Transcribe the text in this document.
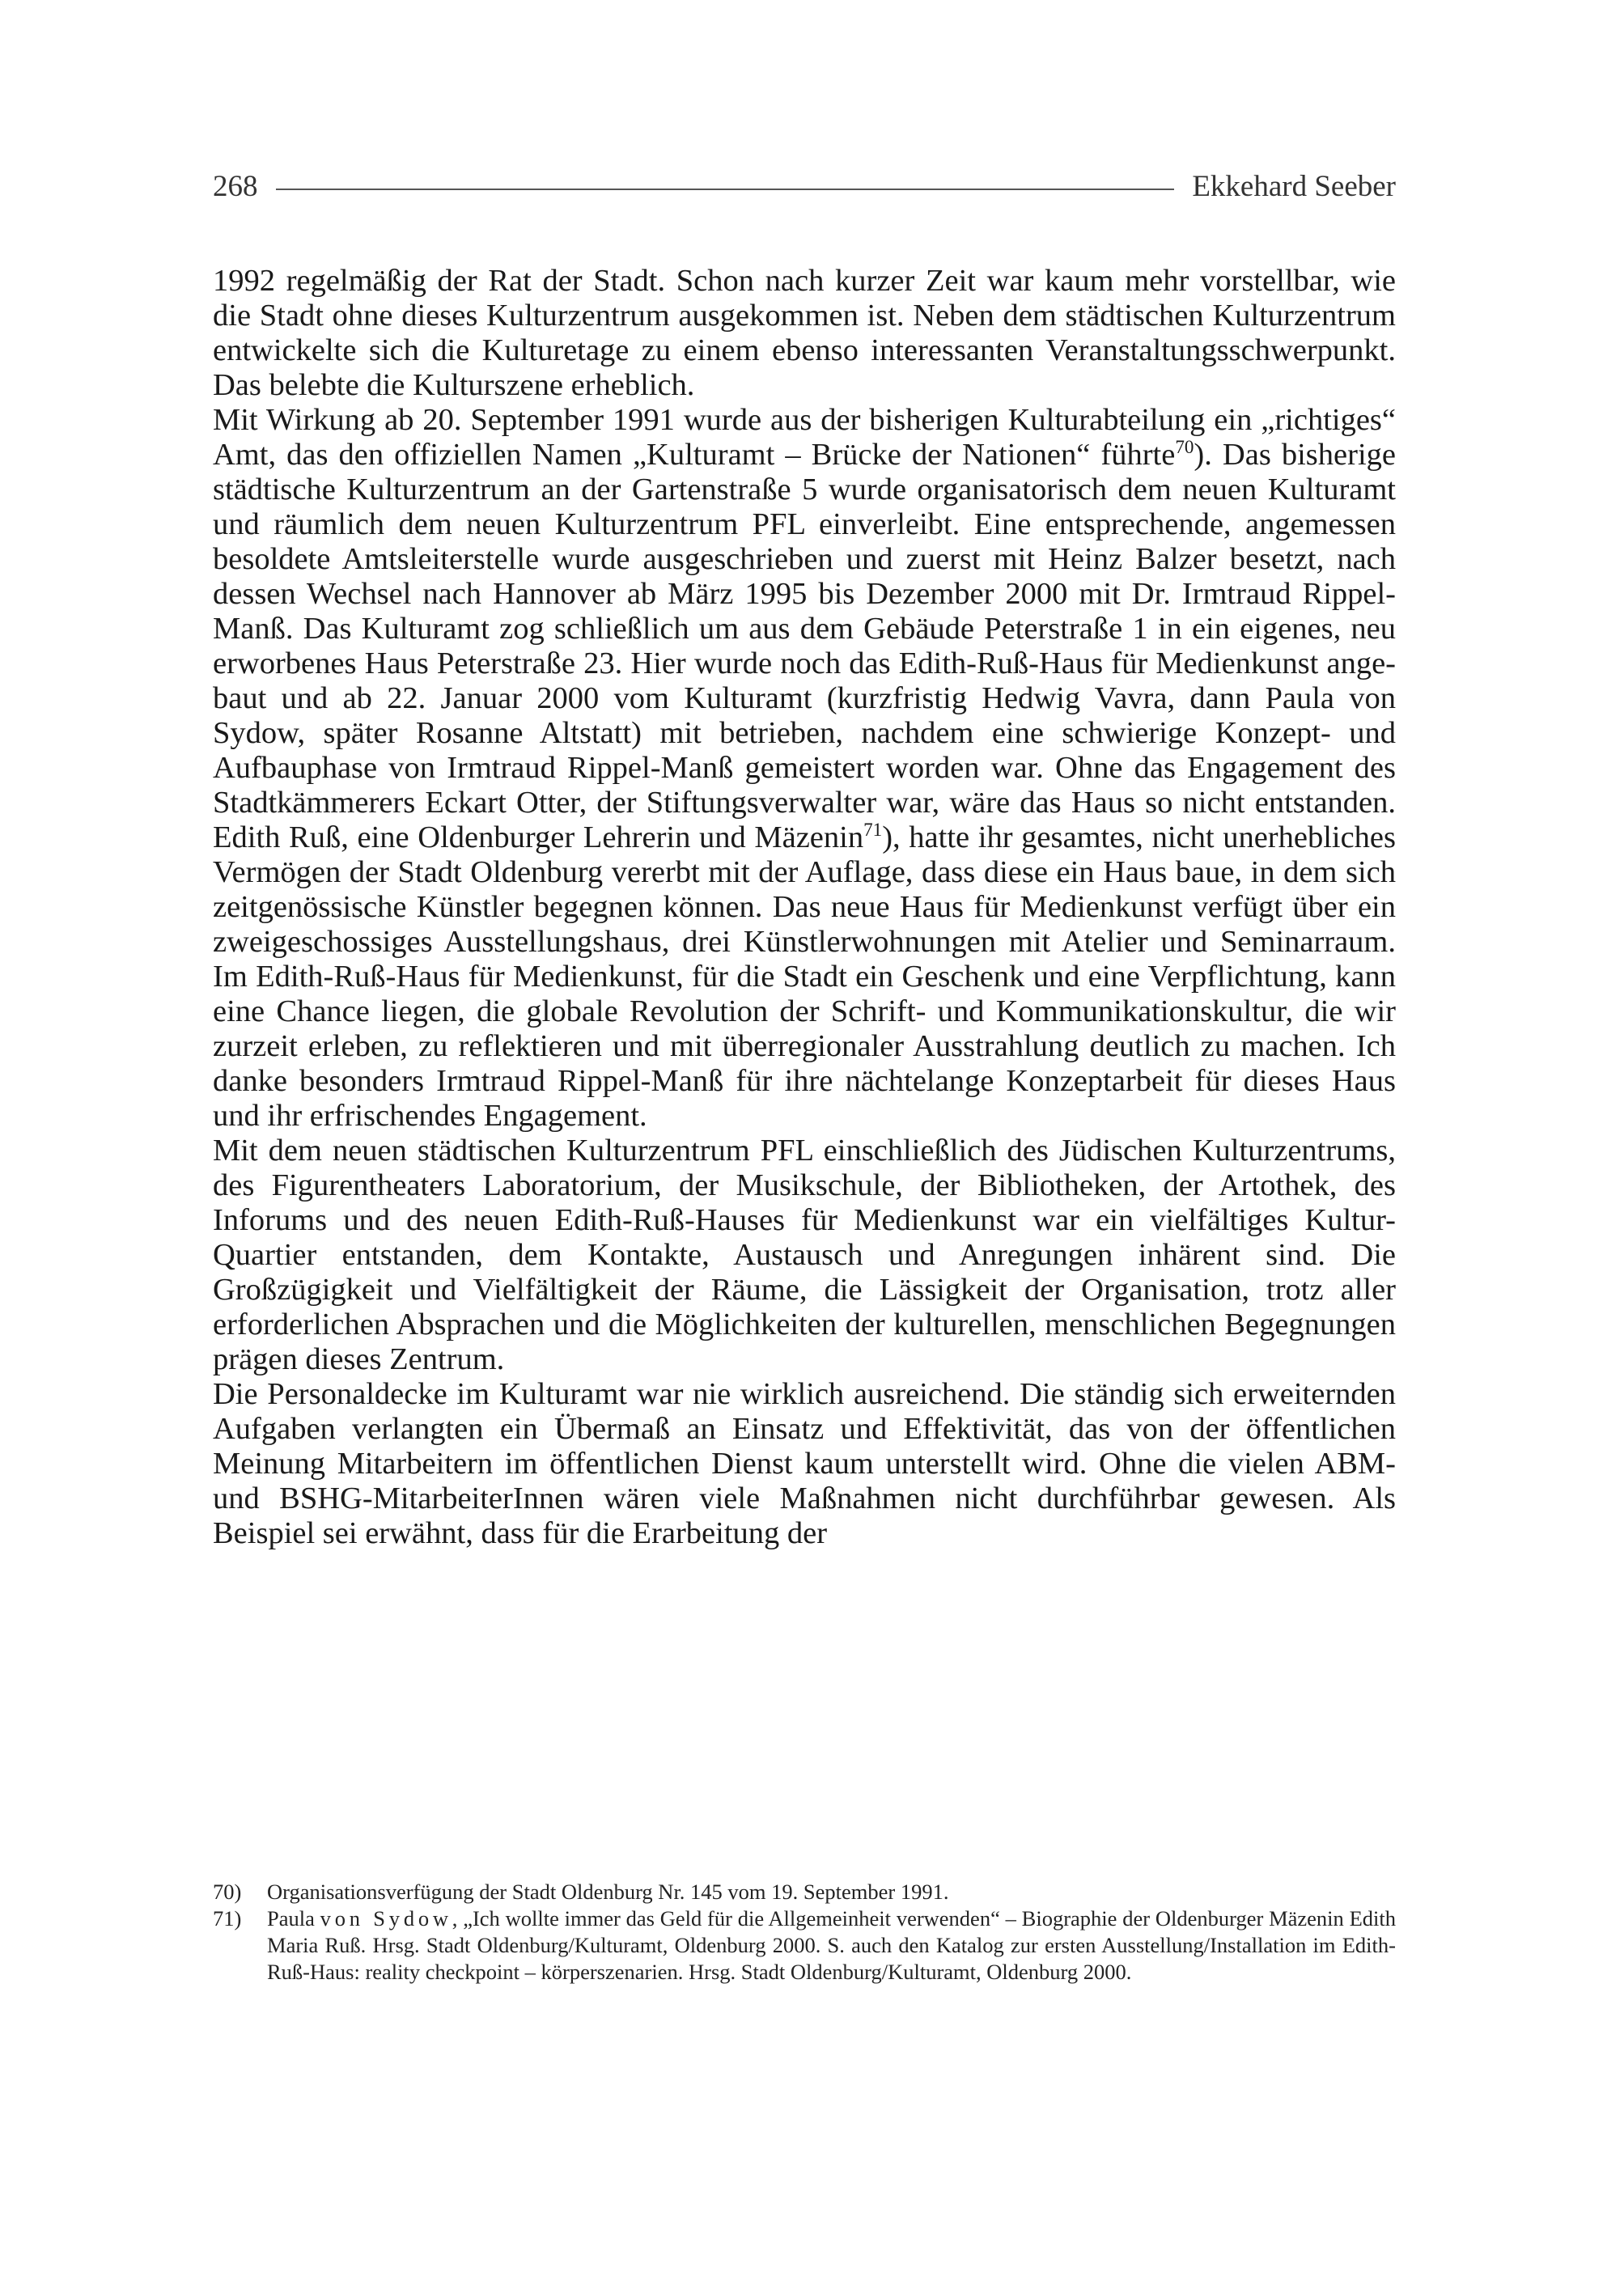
268	Ekkehard Seeber

1992 regelmäßig der Rat der Stadt. Schon nach kurzer Zeit war kaum mehr vorstellbar, wie die Stadt ohne dieses Kulturzentrum ausgekommen ist. Neben dem städtischen Kulturzentrum entwickelte sich die Kulturetage zu einem ebenso interessanten Veranstaltungsschwerpunkt. Das belebte die Kulturszene erheblich.

Mit Wirkung ab 20. September 1991 wurde aus der bisherigen Kulturabteilung ein „richtiges“ Amt, das den offiziellen Namen „Kulturamt – Brücke der Nationen“ führte$^{70}$). Das bisherige städtische Kulturzentrum an der Gartenstraße 5 wurde organisatorisch dem neuen Kulturamt und räumlich dem neuen Kulturzentrum PFL einverleibt. Eine entsprechende, angemessen besoldete Amtsleiterstelle wurde ausgeschrieben und zuerst mit Heinz Balzer besetzt, nach dessen Wechsel nach Hannover ab März 1995 bis Dezember 2000 mit Dr. Irmtraud Rippel-Manß. Das Kulturamt zog schließlich um aus dem Gebäude Peterstraße 1 in ein eigenes, neu erworbenes Haus Peterstraße 23. Hier wurde noch das Edith-Ruß-Haus für Medienkunst angebaut und ab 22. Januar 2000 vom Kulturamt (kurzfristig Hedwig Vavra, dann Paula von Sydow, später Rosanne Altstatt) mit betrieben, nachdem eine schwierige Konzept- und Aufbauphase von Irmtraud Rippel-Manß gemeistert worden war. Ohne das Engagement des Stadtkämmerers Eckart Otter, der Stiftungsverwalter war, wäre das Haus so nicht entstanden. Edith Ruß, eine Oldenburger Lehrerin und Mäzenin$^{71}$), hatte ihr gesamtes, nicht unerhebliches Vermögen der Stadt Oldenburg vererbt mit der Auflage, dass diese ein Haus baue, in dem sich zeitgenössische Künstler begegnen können. Das neue Haus für Medienkunst verfügt über ein zweigeschossiges Ausstellungshaus, drei Künstlerwohnungen mit Atelier und Seminarraum. Im Edith-Ruß-Haus für Medienkunst, für die Stadt ein Geschenk und eine Verpflichtung, kann eine Chance liegen, die globale Revolution der Schrift- und Kommunikationskultur, die wir zurzeit erleben, zu reflektieren und mit überregionaler Ausstrahlung deutlich zu machen. Ich danke besonders Irmtraud Rippel-Manß für ihre nächtelange Konzeptarbeit für dieses Haus und ihr erfrischendes Engagement.

Mit dem neuen städtischen Kulturzentrum PFL einschließlich des Jüdischen Kulturzentrums, des Figurentheaters Laboratorium, der Musikschule, der Bibliotheken, der Artothek, des Inforums und des neuen Edith-Ruß-Hauses für Medienkunst war ein vielfältiges Kultur-Quartier entstanden, dem Kontakte, Austausch und Anregungen inhärent sind. Die Großzügigkeit und Vielfältigkeit der Räume, die Lässigkeit der Organisation, trotz aller erforderlichen Absprachen und die Möglichkeiten der kulturellen, menschlichen Begegnungen prägen dieses Zentrum.

Die Personaldecke im Kulturamt war nie wirklich ausreichend. Die ständig sich erweiternden Aufgaben verlangten ein Übermaß an Einsatz und Effektivität, das von der öffentlichen Meinung Mitarbeitern im öffentlichen Dienst kaum unterstellt wird. Ohne die vielen ABM- und BSHG-MitarbeiterInnen wären viele Maßnahmen nicht durchführbar gewesen. Als Beispiel sei erwähnt, dass für die Erarbeitung der

70)	Organisationsverfügung der Stadt Oldenburg Nr. 145 vom 19. September 1991.
71)	Paula von Sydow, „Ich wollte immer das Geld für die Allgemeinheit verwenden“ – Biographie der Oldenburger Mäzenin Edith Maria Ruß. Hrsg. Stadt Oldenburg/Kulturamt, Oldenburg 2000. S. auch den Katalog zur ersten Ausstellung/Installation im Edith-Ruß-Haus: reality checkpoint – körperszenarien. Hrsg. Stadt Oldenburg/Kulturamt, Oldenburg 2000.
